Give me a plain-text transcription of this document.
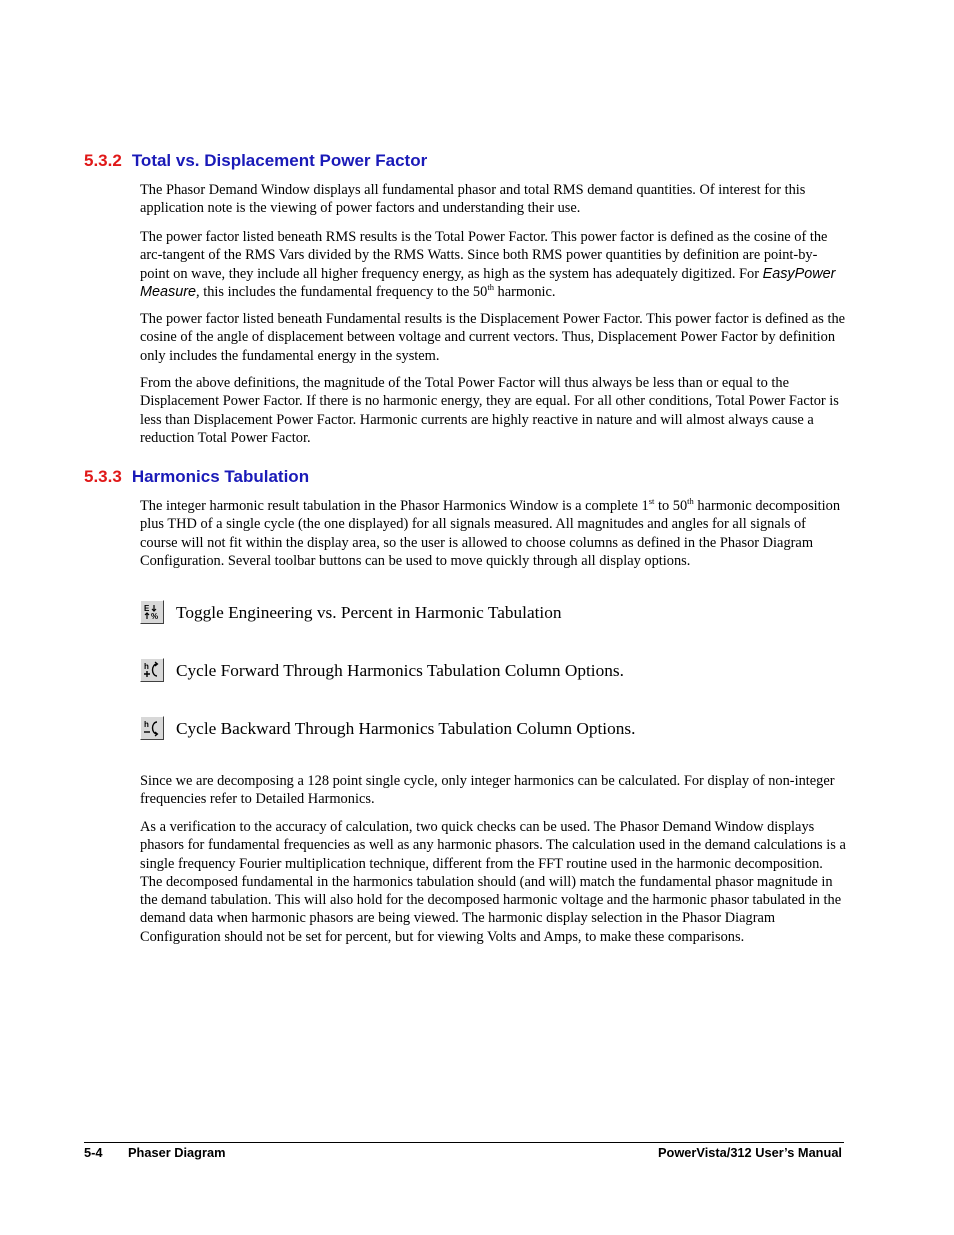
5.3.2 Total vs. Displacement Power Factor

The Phasor Demand Window displays all fundamental phasor and total RMS demand quantities. Of interest for this application note is the viewing of power factors and understanding their use.

The power factor listed beneath RMS results is the Total Power Factor. This power factor is defined as the cosine of the arc-tangent of the RMS Vars divided by the RMS Watts. Since both RMS power quantities by definition are point-by-point on wave, they include all higher frequency energy, as high as the system has adequately digitized. For EasyPower Measure, this includes the fundamental frequency to the 50th harmonic.

The power factor listed beneath Fundamental results is the Displacement Power Factor. This power factor is defined as the cosine of the angle of displacement between voltage and current vectors. Thus, Displacement Power Factor by definition only includes the fundamental energy in the system.

From the above definitions, the magnitude of the Total Power Factor will thus always be less than or equal to the Displacement Power Factor. If there is no harmonic energy, they are equal. For all other conditions, Total Power Factor is less than Displacement Power Factor. Harmonic currents are highly reactive in nature and will almost always cause a reduction Total Power Factor.

5.3.3 Harmonics Tabulation

The integer harmonic result tabulation in the Phasor Harmonics Window is a complete 1st to 50th harmonic decomposition plus THD of a single cycle (the one displayed) for all signals measured. All magnitudes and angles for all signals of course will not fit within the display area, so the user is allowed to choose columns as defined in the Phasor Diagram Configuration. Several toolbar buttons can be used to move quickly through all display options.

E
% Toggle Engineering vs. Percent in Harmonic Tabulation
h Cycle Forward Through Harmonics Tabulation Column Options.
h Cycle Backward Through Harmonics Tabulation Column Options.

Since we are decomposing a 128 point single cycle, only integer harmonics can be calculated. For display of non-integer frequencies refer to Detailed Harmonics.

As a verification to the accuracy of calculation, two quick checks can be used. The Phasor Demand Window displays phasors for fundamental frequencies as well as any harmonic phasors. The calculation used in the demand calculations is a single frequency Fourier multiplication technique, different from the FFT routine used in the harmonic decomposition. The decomposed fundamental in the harmonics tabulation should (and will) match the fundamental phasor magnitude in the demand tabulation. This will also hold for the decomposed harmonic voltage and the harmonic phasor tabulated in the demand data when harmonic phasors are being viewed. The harmonic display selection in the Phasor Diagram Configuration should not be set for percent, but for viewing Volts and Amps, to make these comparisons.

5-4 Phaser Diagram	PowerVista/312 User’s Manual
